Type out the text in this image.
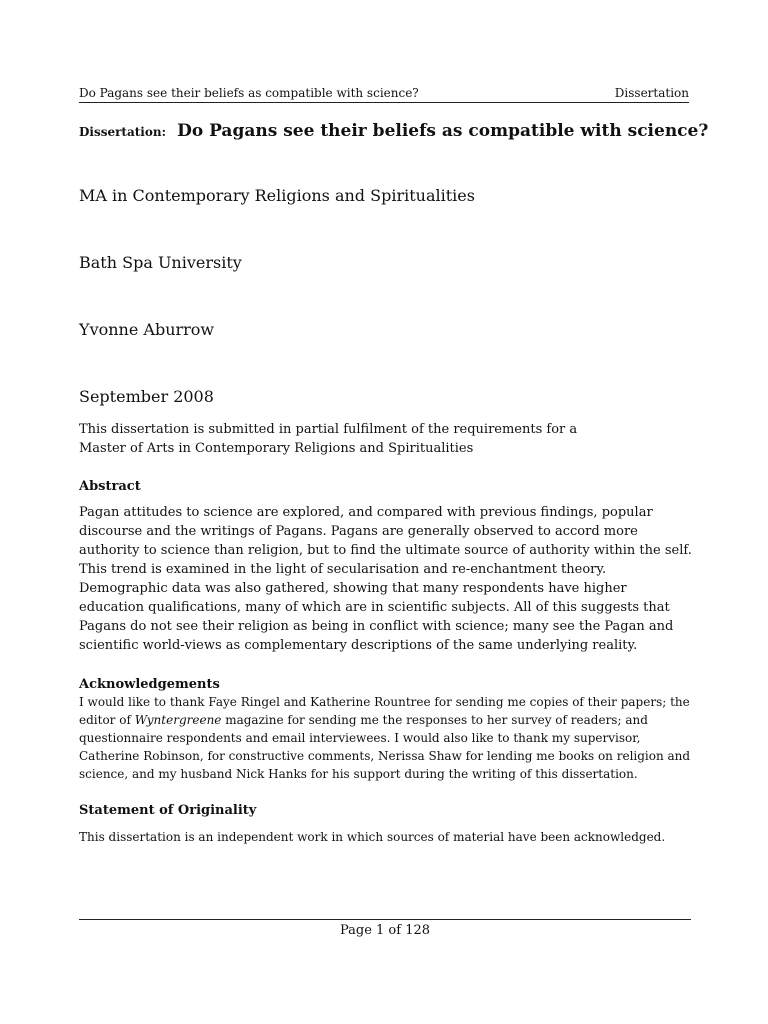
Do Pagans see their beliefs as compatible with science?	Dissertation
Dissertation: Do Pagans see their beliefs as compatible with science?
MA in Contemporary Religions and Spiritualities
Bath Spa University
Yvonne Aburrow
September 2008
This dissertation is submitted in partial fulfilment of the requirements for a
Master of Arts in Contemporary Religions and Spiritualities
Abstract
Pagan attitudes to science are explored, and compared with previous findings, popular discourse and the writings of Pagans. Pagans are generally observed to accord more authority to science than religion, but to find the ultimate source of authority within the self. This trend is examined in the light of secularisation and re-enchantment theory. Demographic data was also gathered, showing that many respondents have higher education qualifications, many of which are in scientific subjects. All of this suggests that Pagans do not see their religion as being in conflict with science; many see the Pagan and scientific world-views as complementary descriptions of the same underlying reality.
Acknowledgements
I would like to thank Faye Ringel and Katherine Rountree for sending me copies of their papers; the editor of Wyntergreene magazine for sending me the responses to her survey of readers; and questionnaire respondents and email interviewees. I would also like to thank my supervisor, Catherine Robinson, for constructive comments, Nerissa Shaw for lending me books on religion and science, and my husband Nick Hanks for his support during the writing of this dissertation.
Statement of Originality
This dissertation is an independent work in which sources of material have been acknowledged.
Page 1 of 128
